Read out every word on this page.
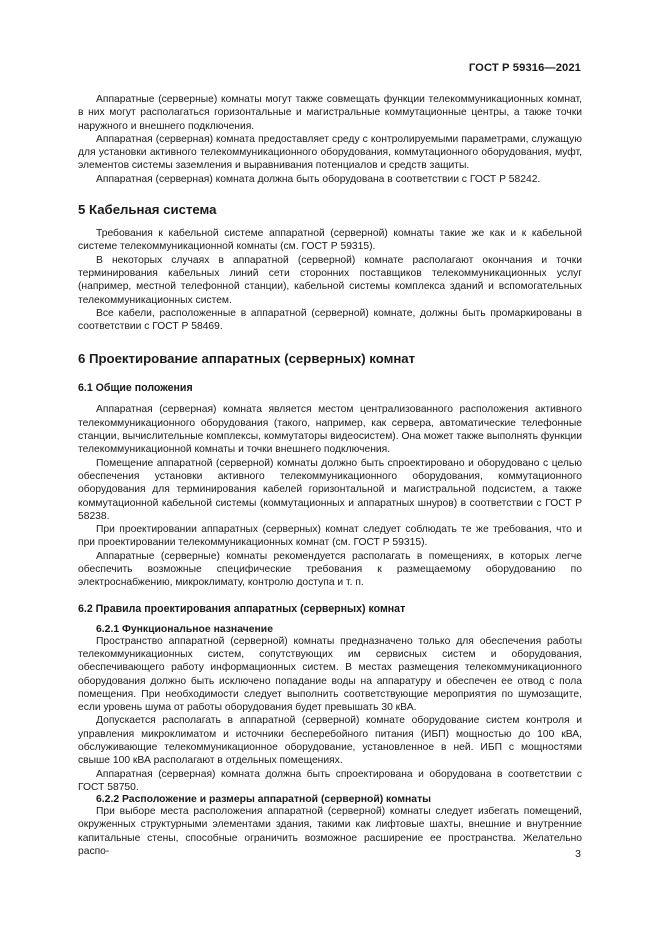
ГОСТ Р 59316—2021

Аппаратные (серверные) комнаты могут также совмещать функции телекоммуникационных комнат, в них могут располагаться горизонтальные и магистральные коммутационные центры, а также точки наружного и внешнего подключения.

Аппаратная (серверная) комната предоставляет среду с контролируемыми параметрами, служащую для установки активного телекоммуникационного оборудования, коммутационного оборудования, муфт, элементов системы заземления и выравнивания потенциалов и средств защиты.

Аппаратная (серверная) комната должна быть оборудована в соответствии с ГОСТ Р 58242.

5 Кабельная система

Требования к кабельной системе аппаратной (серверной) комнаты такие же как и к кабельной системе телекоммуникационной комнаты (см. ГОСТ Р 59315).

В некоторых случаях в аппаратной (серверной) комнате располагают окончания и точки терминирования кабельных линий сети сторонних поставщиков телекоммуникационных услуг (например, местной телефонной станции), кабельной системы комплекса зданий и вспомогательных телекоммуникационных систем.

Все кабели, расположенные в аппаратной (серверной) комнате, должны быть промаркированы в соответствии с ГОСТ Р 58469.

6 Проектирование аппаратных (серверных) комнат
6.1 Общие положения

Аппаратная (серверная) комната является местом централизованного расположения активного телекоммуникационного оборудования (такого, например, как сервера, автоматические телефонные станции, вычислительные комплексы, коммутаторы видеосистем). Она может также выполнять функции телекоммуникационной комнаты и точки внешнего подключения.

Помещение аппаратной (серверной) комнаты должно быть спроектировано и оборудовано с целью обеспечения установки активного телекоммуникационного оборудования, коммутационного оборудования для терминирования кабелей горизонтальной и магистральной подсистем, а также коммутационной кабельной системы (коммутационных и аппаратных шнуров) в соответствии с ГОСТ Р 58238.

При проектировании аппаратных (серверных) комнат следует соблюдать те же требования, что и при проектировании телекоммуникационных комнат (см. ГОСТ Р 59315).

Аппаратные (серверные) комнаты рекомендуется располагать в помещениях, в которых легче обеспечить возможные специфические требования к размещаемому оборудованию по электроснабжению, микроклимату, контролю доступа и т. п.

6.2 Правила проектирования аппаратных (серверных) комнат
6.2.1 Функциональное назначение

Пространство аппаратной (серверной) комнаты предназначено только для обеспечения работы телекоммуникационных систем, сопутствующих им сервисных систем и оборудования, обеспечивающего работу информационных систем. В местах размещения телекоммуникационного оборудования должно быть исключено попадание воды на аппаратуру и обеспечен ее отвод с пола помещения. При необходимости следует выполнить соответствующие мероприятия по шумозащите, если уровень шума от работы оборудования будет превышать 30 кВА.

Допускается располагать в аппаратной (серверной) комнате оборудование систем контроля и управления микроклиматом и источники бесперебойного питания (ИБП) мощностью до 100 кВА, обслуживающие телекоммуникационное оборудование, установленное в ней. ИБП с мощностями свыше 100 кВА располагают в отдельных помещениях.

Аппаратная (серверная) комната должна быть спроектирована и оборудована в соответствии с ГОСТ 58750.

6.2.2 Расположение и размеры аппаратной (серверной) комнаты

При выборе места расположения аппаратной (серверной) комнаты следует избегать помещений, окруженных структурными элементами здания, такими как лифтовые шахты, внешние и внутренние капитальные стены, способные ограничить возможное расширение ее пространства. Желательно распо-	3
